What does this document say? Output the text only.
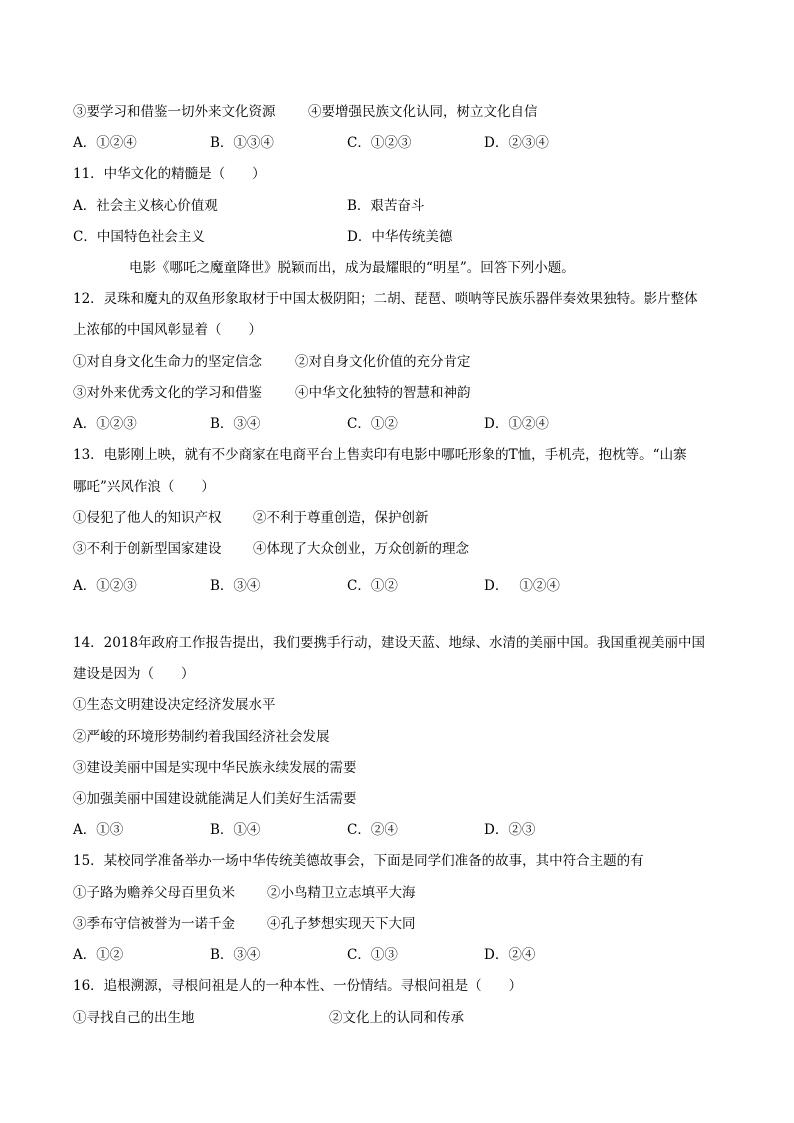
③要学习和借鉴一切外来文化资源 ④要增强民族文化认同，树立文化自信
A．①②④	B．①③④	C．①②③	D．②③④
11．中华文化的精髓是（　　）
A．社会主义核心价值观	B．艰苦奋斗
C．中国特色社会主义	D．中华传统美德
电影《哪吒之魔童降世》脱颖而出，成为最耀眼的“明星”。回答下列小题。
12．灵珠和魔丸的双鱼形象取材于中国太极阴阳；二胡、琵琶、唢呐等民族乐器伴奏效果独特。影片整体
上浓郁的中国风彰显着（　　）
①对自身文化生命力的坚定信念 ②对自身文化价值的充分肯定
③对外来优秀文化的学习和借鉴 ④中华文化独特的智慧和神韵
A．①②③	B．③④	C．①②	D．①②④
13．电影刚上映，就有不少商家在电商平台上售卖印有电影中哪吒形象的T恤，手机壳，抱枕等。“山寨
哪吒”兴风作浪（　　）
①侵犯了他人的知识产权 ②不利于尊重创造，保护创新
③不利于创新型国家建设 ④体现了大众创业，万众创新的理念
A．①②③	B．③④	C．①②	D．　 ①②④
14．2018年政府工作报告提出，我们要携手行动，建设天蓝、地绿、水清的美丽中国。我国重视美丽中国
建设是因为（　　）
①生态文明建设决定经济发展水平
②严峻的环境形势制约着我国经济社会发展
③建设美丽中国是实现中华民族永续发展的需要
④加强美丽中国建设就能满足人们美好生活需要
A．①③	B．①④	C．②④	D．②③
15．某校同学准备举办一场中华传统美德故事会，下面是同学们准备的故事，其中符合主题的有
①子路为赡养父母百里负米 ②小鸟精卫立志填平大海
③季布守信被誉为一诺千金 ④孔子梦想实现天下大同
A．①②	B．③④	C．①③	D．②④
16．追根溯源，寻根问祖是人的一种本性、一份情结。寻根问祖是（　　）
①寻找自己的出生地	②文化上的认同和传承
